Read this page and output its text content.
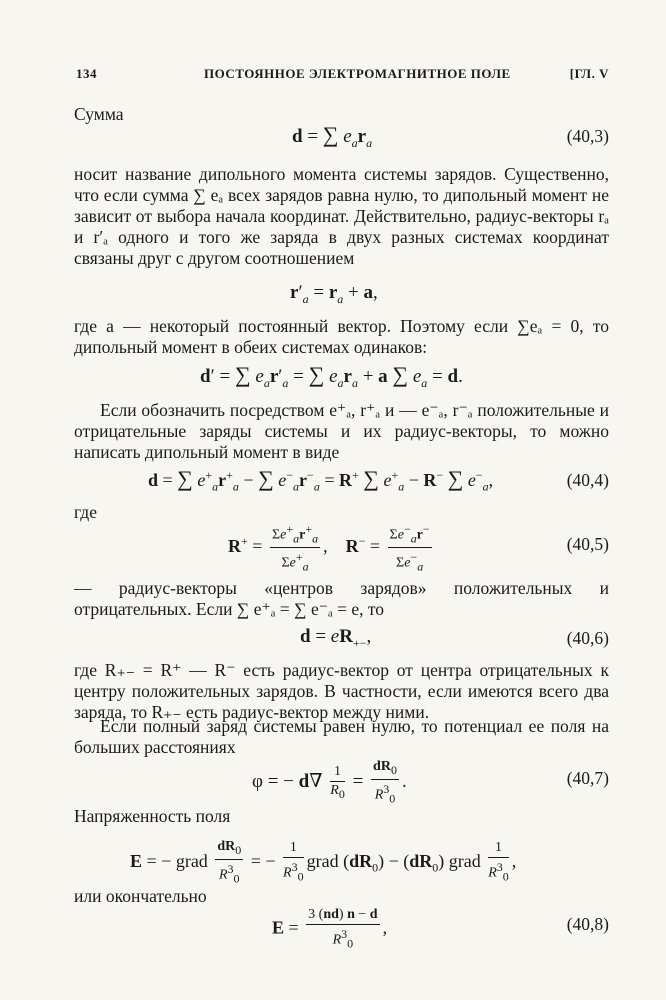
134	ПОСТОЯННОЕ ЭЛЕКТРОМАГНИТНОЕ ПОЛЕ	[ГЛ. V
Сумма
d = ∑ $e_ar_a$	(40,3)
носит название дипольного момента системы зарядов. Существенно, что если сумма ∑ eₐ всех зарядов равна нулю, то дипольный момент не зависит от выбора начала координат. Действительно, радиус-векторы rₐ и r′ₐ одного и того же заряда в двух разных системах координат связаны друг с другом соотношением
$r'_a = r_a + a$,
где a — некоторый постоянный вектор. Поэтому если ∑eₐ = 0, то дипольный момент в обеих системах одинаков:
d′ = ∑ $e_ar'_a$ = ∑ $e_ar_a + a$ ∑ $e_a = d$.
Если обозначить посредством e⁺ₐ, r⁺ₐ и — e⁻ₐ, r⁻ₐ положительные и отрицательные заряды системы и их радиус-векторы, то можно написать дипольный момент в виде
d = ∑ $e^+_ar^+_a$ − ∑ $e^-_ar^-_a = R^+$ ∑ $e^+_a - R^-$ ∑ $e^-_a$,	(40,4)
где
$R^+ = \frac{\Sigma e^+_ar^+_a}{\Sigma e^+_a}$ ,    $R^- = \frac{\Sigma e^-_ar^-}{\Sigma e^-_a}$	(40,5)
— радиус-векторы «центров зарядов» положительных и отрицательных. Если ∑ e⁺ₐ = ∑ e⁻ₐ = e, то
$d = eR_{+-}$,	(40,6)
где R₊₋ = R⁺ — R⁻ есть радиус-вектор от центра отрицательных к центру положительных зарядов. В частности, если имеются всего два заряда, то R₊₋ есть радиус-вектор между ними.
Если полный заряд системы равен нулю, то потенциал ее поля на больших расстояниях
φ = − $d\nabla \frac{1}{R_0} = \frac{dR_0}{R^3_0}$ .	(40,7)
Напряженность поля
E = − grad $\frac{dR_0}{R^3_0}$ = − $\frac{1}{R^3_0}$ grad $(dR_0) - (dR_0)$ grad $\frac{1}{R^3_0}$ ,
или окончательно
$E = \frac{3 (nd) n - d}{R^3_0}$ ,	(40,8)
